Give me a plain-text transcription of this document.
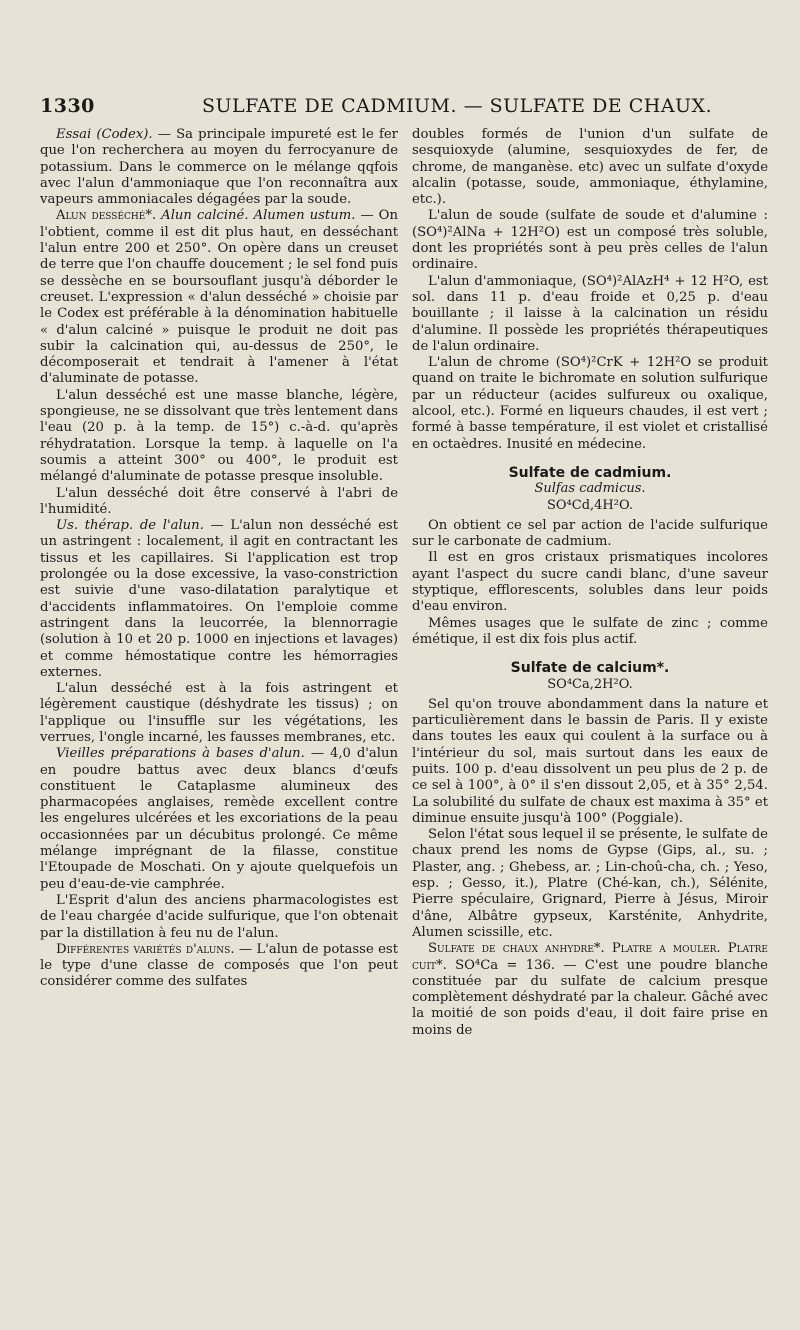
1330	SULFATE DE CADMIUM. — SULFATE DE CHAUX.

Essai (Codex). — Sa principale impureté est le fer que l'on recherchera au moyen du ferrocyanure de potassium. Dans le commerce on le mélange qqfois avec l'alun d'ammoniaque que l'on reconnaîtra aux vapeurs ammoniacales dégagées par la soude.

Alun desséché*. Alun calciné. Alumen ustum. — On l'obtient, comme il est dit plus haut, en desséchant l'alun entre 200 et 250°. On opère dans un creuset de terre que l'on chauffe doucement ; le sel fond puis se dessèche en se boursouflant jusqu'à déborder le creuset. L'expression « d'alun desséché » choisie par le Codex est préférable à la dénomination habituelle « d'alun calciné » puisque le produit ne doit pas subir la calcination qui, au-dessus de 250°, le décomposerait et tendrait à l'amener à l'état d'aluminate de potasse.

L'alun desséché est une masse blanche, légère, spongieuse, ne se dissolvant que très lentement dans l'eau (20 p. à la temp. de 15°) c.-à-d. qu'après réhydratation. Lorsque la temp. à laquelle on l'a soumis a atteint 300° ou 400°, le produit est mélangé d'aluminate de potasse presque insoluble.

L'alun desséché doit être conservé à l'abri de l'humidité.

Us. thérap. de l'alun. — L'alun non desséché est un astringent : localement, il agit en contractant les tissus et les capillaires. Si l'application est trop prolongée ou la dose excessive, la vaso-constriction est suivie d'une vaso-dilatation paralytique et d'accidents inflammatoires. On l'emploie comme astringent dans la leucorrée, la blennorragie (solution à 10 et 20 p. 1000 en injections et lavages) et comme hémostatique contre les hémorragies externes.

L'alun desséché est à la fois astringent et légèrement caustique (déshydrate les tissus) ; on l'applique ou l'insuffle sur les végétations, les verrues, l'ongle incarné, les fausses membranes, etc.

Vieilles préparations à bases d'alun. — 4,0 d'alun en poudre battus avec deux blancs d'œufs constituent le Cataplasme alumineux des pharmacopées anglaises, remède excellent contre les engelures ulcérées et les excoriations de la peau occasionnées par un décubitus prolongé. Ce même mélange imprégnant de la filasse, constitue l'Etoupade de Moschati. On y ajoute quelquefois un peu d'eau-de-vie camphrée.

L'Esprit d'alun des anciens pharmacologistes est de l'eau chargée d'acide sulfurique, que l'on obtenait par la distillation à feu nu de l'alun.

Différentes variétés d'aluns. — L'alun de potasse est le type d'une classe de composés que l'on peut considérer comme des sulfates

doubles formés de l'union d'un sulfate de sesquioxyde (alumine, sesquioxydes de fer, de chrome, de manganèse. etc) avec un sulfate d'oxyde alcalin (potasse, soude, ammoniaque, éthylamine, etc.).

L'alun de soude (sulfate de soude et d'alumine : (SO⁴)²AlNa + 12H²O) est un composé très soluble, dont les propriétés sont à peu près celles de l'alun ordinaire.

L'alun d'ammoniaque, (SO⁴)²AlAzH⁴ + 12 H²O, est sol. dans 11 p. d'eau froide et 0,25 p. d'eau bouillante ; il laisse à la calcination un résidu d'alumine. Il possède les propriétés thérapeutiques de l'alun ordinaire.

L'alun de chrome (SO⁴)²CrK + 12H²O se produit quand on traite le bichromate en solution sulfurique par un réducteur (acides sulfureux ou oxalique, alcool, etc.). Formé en liqueurs chaudes, il est vert ; formé à basse température, il est violet et cristallisé en octaèdres. Inusité en médecine.

Sulfate de cadmium.

Sulfas cadmicus.

SO⁴Cd,4H²O.

On obtient ce sel par action de l'acide sulfurique sur le carbonate de cadmium.

Il est en gros cristaux prismatiques incolores ayant l'aspect du sucre candi blanc, d'une saveur styptique, efflorescents, solubles dans leur poids d'eau environ.

Mêmes usages que le sulfate de zinc ; comme émétique, il est dix fois plus actif.

Sulfate de calcium*.

SO⁴Ca,2H²O.

Sel qu'on trouve abondamment dans la nature et particulièrement dans le bassin de Paris. Il y existe dans toutes les eaux qui coulent à la surface ou à l'intérieur du sol, mais surtout dans les eaux de puits. 100 p. d'eau dissolvent un peu plus de 2 p. de ce sel à 100°, à 0° il s'en dissout 2,05, et à 35° 2,54. La solubilité du sulfate de chaux est maxima à 35° et diminue ensuite jusqu'à 100° (Poggiale).

Selon l'état sous lequel il se présente, le sulfate de chaux prend les noms de Gypse (Gips, al., su. ; Plaster, ang. ; Ghebess, ar. ; Lin-choû-cha, ch. ; Yeso, esp. ; Gesso, it.), Platre (Ché-kan, ch.), Sélénite, Pierre spéculaire, Grignard, Pierre à Jésus, Miroir d'âne, Albâtre gypseux, Karsténite, Anhydrite, Alumen scissille, etc.

Sulfate de chaux anhydre*. Platre a mouler. Platre cuit*. SO⁴Ca = 136. — C'est une poudre blanche constituée par du sulfate de calcium presque complètement déshydraté par la chaleur. Gâché avec la moitié de son poids d'eau, il doit faire prise en moins de
